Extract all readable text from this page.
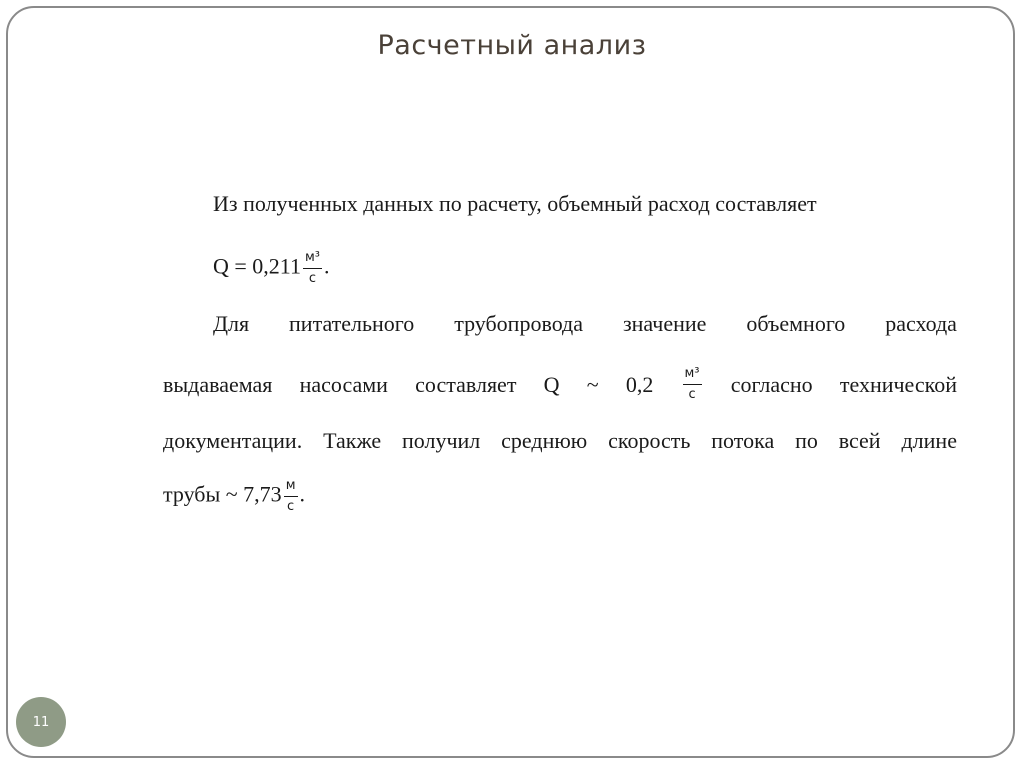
Расчетный анализ
Из полученных данных по расчету, объемный расход составляет
$Q = 0,211 \frac{\text{м³}}{с}$ .
Для питательного трубопровода значение объемного расхода
выдаваемая насосами составляет Q ~ $0,2 \frac{\text{м³}}{с}$ согласно технической
документации. Также получил среднюю скорость потока по всей длине
трубы ~ $7,73 \frac{м}{с}$ .
11
